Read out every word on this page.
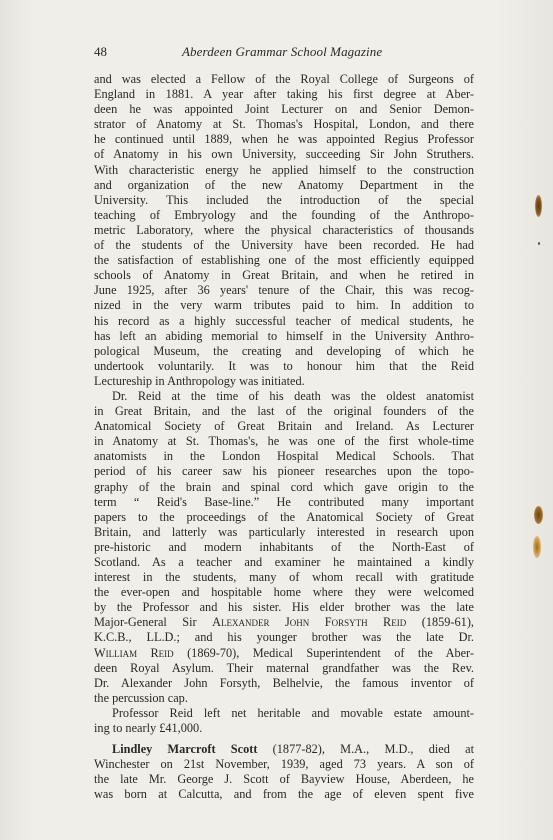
48	Aberdeen Grammar School Magazine
and was elected a Fellow of the Royal College of Surgeons of
England in 1881. A year after taking his first degree at Aber-
deen he was appointed Joint Lecturer on and Senior Demon-
strator of Anatomy at St. Thomas's Hospital, London, and there
he continued until 1889, when he was appointed Regius Professor
of Anatomy in his own University, succeeding Sir John Struthers.
With characteristic energy he applied himself to the construction
and organization of the new Anatomy Department in the
University. This included the introduction of the special
teaching of Embryology and the founding of the Anthropo-
metric Laboratory, where the physical characteristics of thousands
of the students of the University have been recorded. He had
the satisfaction of establishing one of the most efficiently equipped
schools of Anatomy in Great Britain, and when he retired in
June 1925, after 36 years' tenure of the Chair, this was recog-
nized in the very warm tributes paid to him. In addition to
his record as a highly successful teacher of medical students, he
has left an abiding memorial to himself in the University Anthro-
pological Museum, the creating and developing of which he
undertook voluntarily. It was to honour him that the Reid
Lectureship in Anthropology was initiated.
Dr. Reid at the time of his death was the oldest anatomist
in Great Britain, and the last of the original founders of the
Anatomical Society of Great Britain and Ireland. As Lecturer
in Anatomy at St. Thomas's, he was one of the first whole-time
anatomists in the London Hospital Medical Schools. That
period of his career saw his pioneer researches upon the topo-
graphy of the brain and spinal cord which gave origin to the
term “ Reid's Base-line.” He contributed many important
papers to the proceedings of the Anatomical Society of Great
Britain, and latterly was particularly interested in research upon
pre-historic and modern inhabitants of the North-East of
Scotland. As a teacher and examiner he maintained a kindly
interest in the students, many of whom recall with gratitude
the ever-open and hospitable home where they were welcomed
by the Professor and his sister. His elder brother was the late
Major-General Sir Alexander John Forsyth Reid (1859-61),
K.C.B., LL.D.; and his younger brother was the late Dr.
William Reid (1869-70), Medical Superintendent of the Aber-
deen Royal Asylum. Their maternal grandfather was the Rev.
Dr. Alexander John Forsyth, Belhelvie, the famous inventor of
the percussion cap.
Professor Reid left net heritable and movable estate amount-
ing to nearly £41,000.
Lindley Marcroft Scott (1877-82), M.A., M.D., died at
Winchester on 21st November, 1939, aged 73 years. A son of
the late Mr. George J. Scott of Bayview House, Aberdeen, he
was born at Calcutta, and from the age of eleven spent five
